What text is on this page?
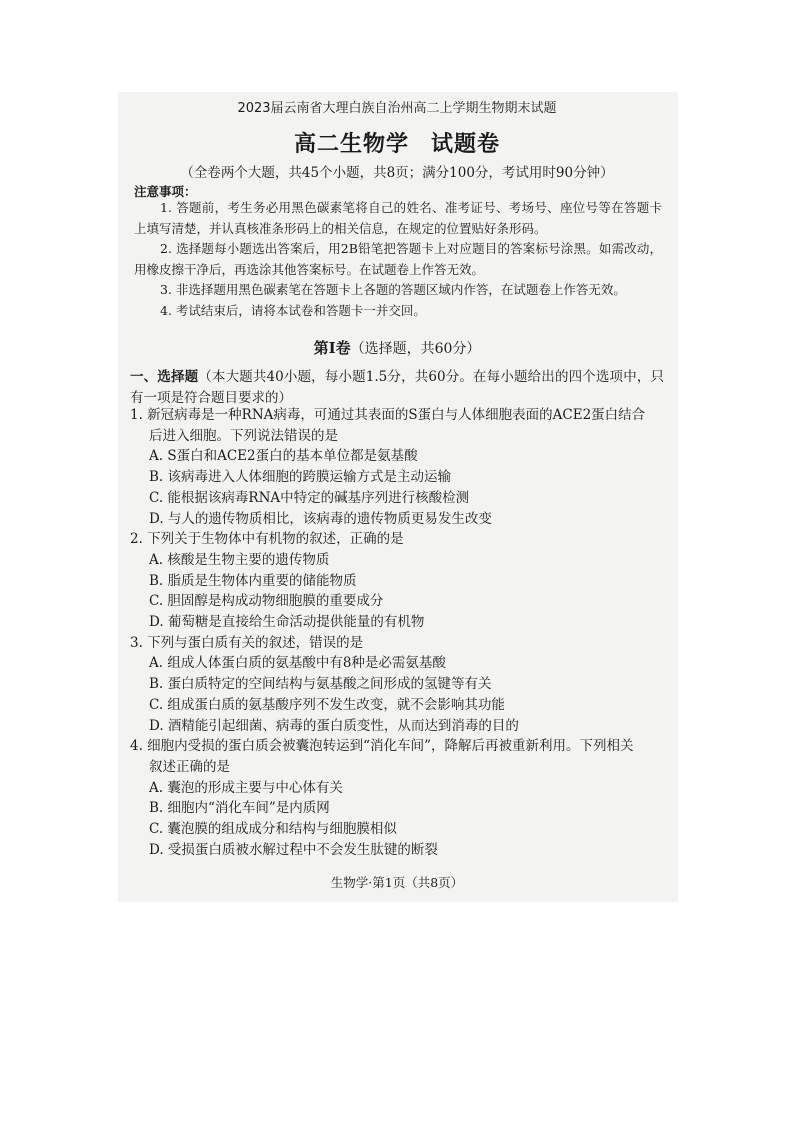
2023届云南省大理白族自治州高二上学期生物期末试题
高二生物学 试题卷
（全卷两个大题，共45个小题，共8页；满分100分，考试用时90分钟）
注意事项：

1. 答题前，考生务必用黑色碳素笔将自己的姓名、准考证号、考场号、座位号等在答题卡上填写清楚，并认真核准条形码上的相关信息，在规定的位置贴好条形码。

2. 选择题每小题选出答案后，用2B铅笔把答题卡上对应题目的答案标号涂黑。如需改动，用橡皮擦干净后，再选涂其他答案标号。在试题卷上作答无效。

3. 非选择题用黑色碳素笔在答题卡上各题的答题区域内作答，在试题卷上作答无效。

4. 考试结束后，请将本试卷和答题卡一并交回。

第Ⅰ卷（选择题，共60分）
一、选择题（本大题共40小题，每小题1.5分，共60分。在每小题给出的四个选项中，只有一项是符合题目要求的）

1. 新冠病毒是一种RNA病毒，可通过其表面的S蛋白与人体细胞表面的ACE2蛋白结合

后进入细胞。下列说法错误的是

A. S蛋白和ACE2蛋白的基本单位都是氨基酸

B. 该病毒进入人体细胞的跨膜运输方式是主动运输

C. 能根据该病毒RNA中特定的碱基序列进行核酸检测

D. 与人的遗传物质相比，该病毒的遗传物质更易发生改变

2. 下列关于生物体中有机物的叙述，正确的是

A. 核酸是生物主要的遗传物质

B. 脂质是生物体内重要的储能物质

C. 胆固醇是构成动物细胞膜的重要成分

D. 葡萄糖是直接给生命活动提供能量的有机物

3. 下列与蛋白质有关的叙述，错误的是

A. 组成人体蛋白质的氨基酸中有8种是必需氨基酸

B. 蛋白质特定的空间结构与氨基酸之间形成的氢键等有关

C. 组成蛋白质的氨基酸序列不发生改变，就不会影响其功能

D. 酒精能引起细菌、病毒的蛋白质变性，从而达到消毒的目的

4. 细胞内受损的蛋白质会被囊泡转运到“消化车间”，降解后再被重新利用。下列相关

叙述正确的是

A. 囊泡的形成主要与中心体有关

B. 细胞内“消化车间”是内质网

C. 囊泡膜的组成成分和结构与细胞膜相似

D. 受损蛋白质被水解过程中不会发生肽键的断裂

生物学·第1页（共8页）
